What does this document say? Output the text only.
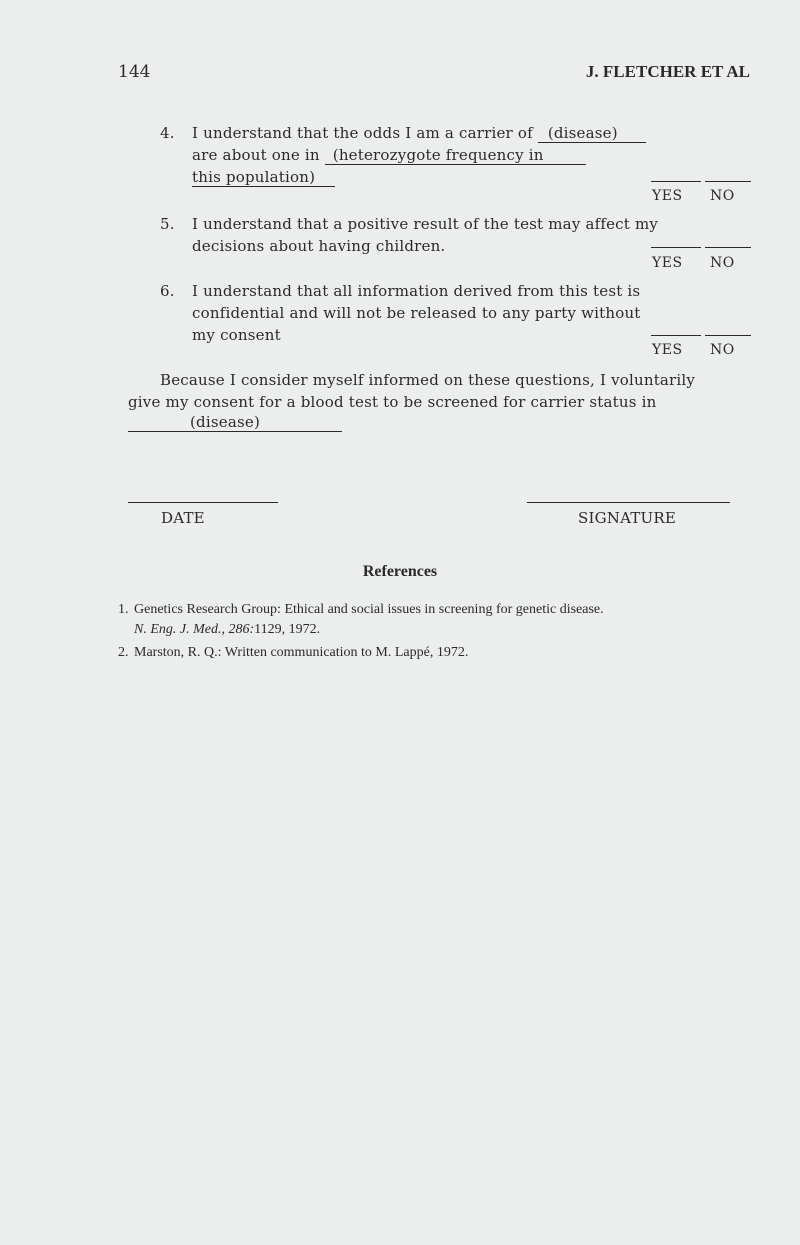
144	J. FLETCHER ET AL
4. I understand that the odds I am a carrier of (disease)
are about one in (heterozygote frequency in
this population)
YES NO
5. I understand that a positive result of the test may affect my
decisions about having children.
YES NO
6. I understand that all information derived from this test is
confidential and will not be released to any party without
my consent
YES NO
Because I consider myself informed on these questions, I voluntarily
give my consent for a blood test to be screened for carrier status in
(disease)
DATE	SIGNATURE
References
1. Genetics Research Group: Ethical and social issues in screening for genetic disease.
N. Eng. J. Med., 286:1129, 1972.
2. Marston, R. Q.: Written communication to M. Lappé, 1972.
